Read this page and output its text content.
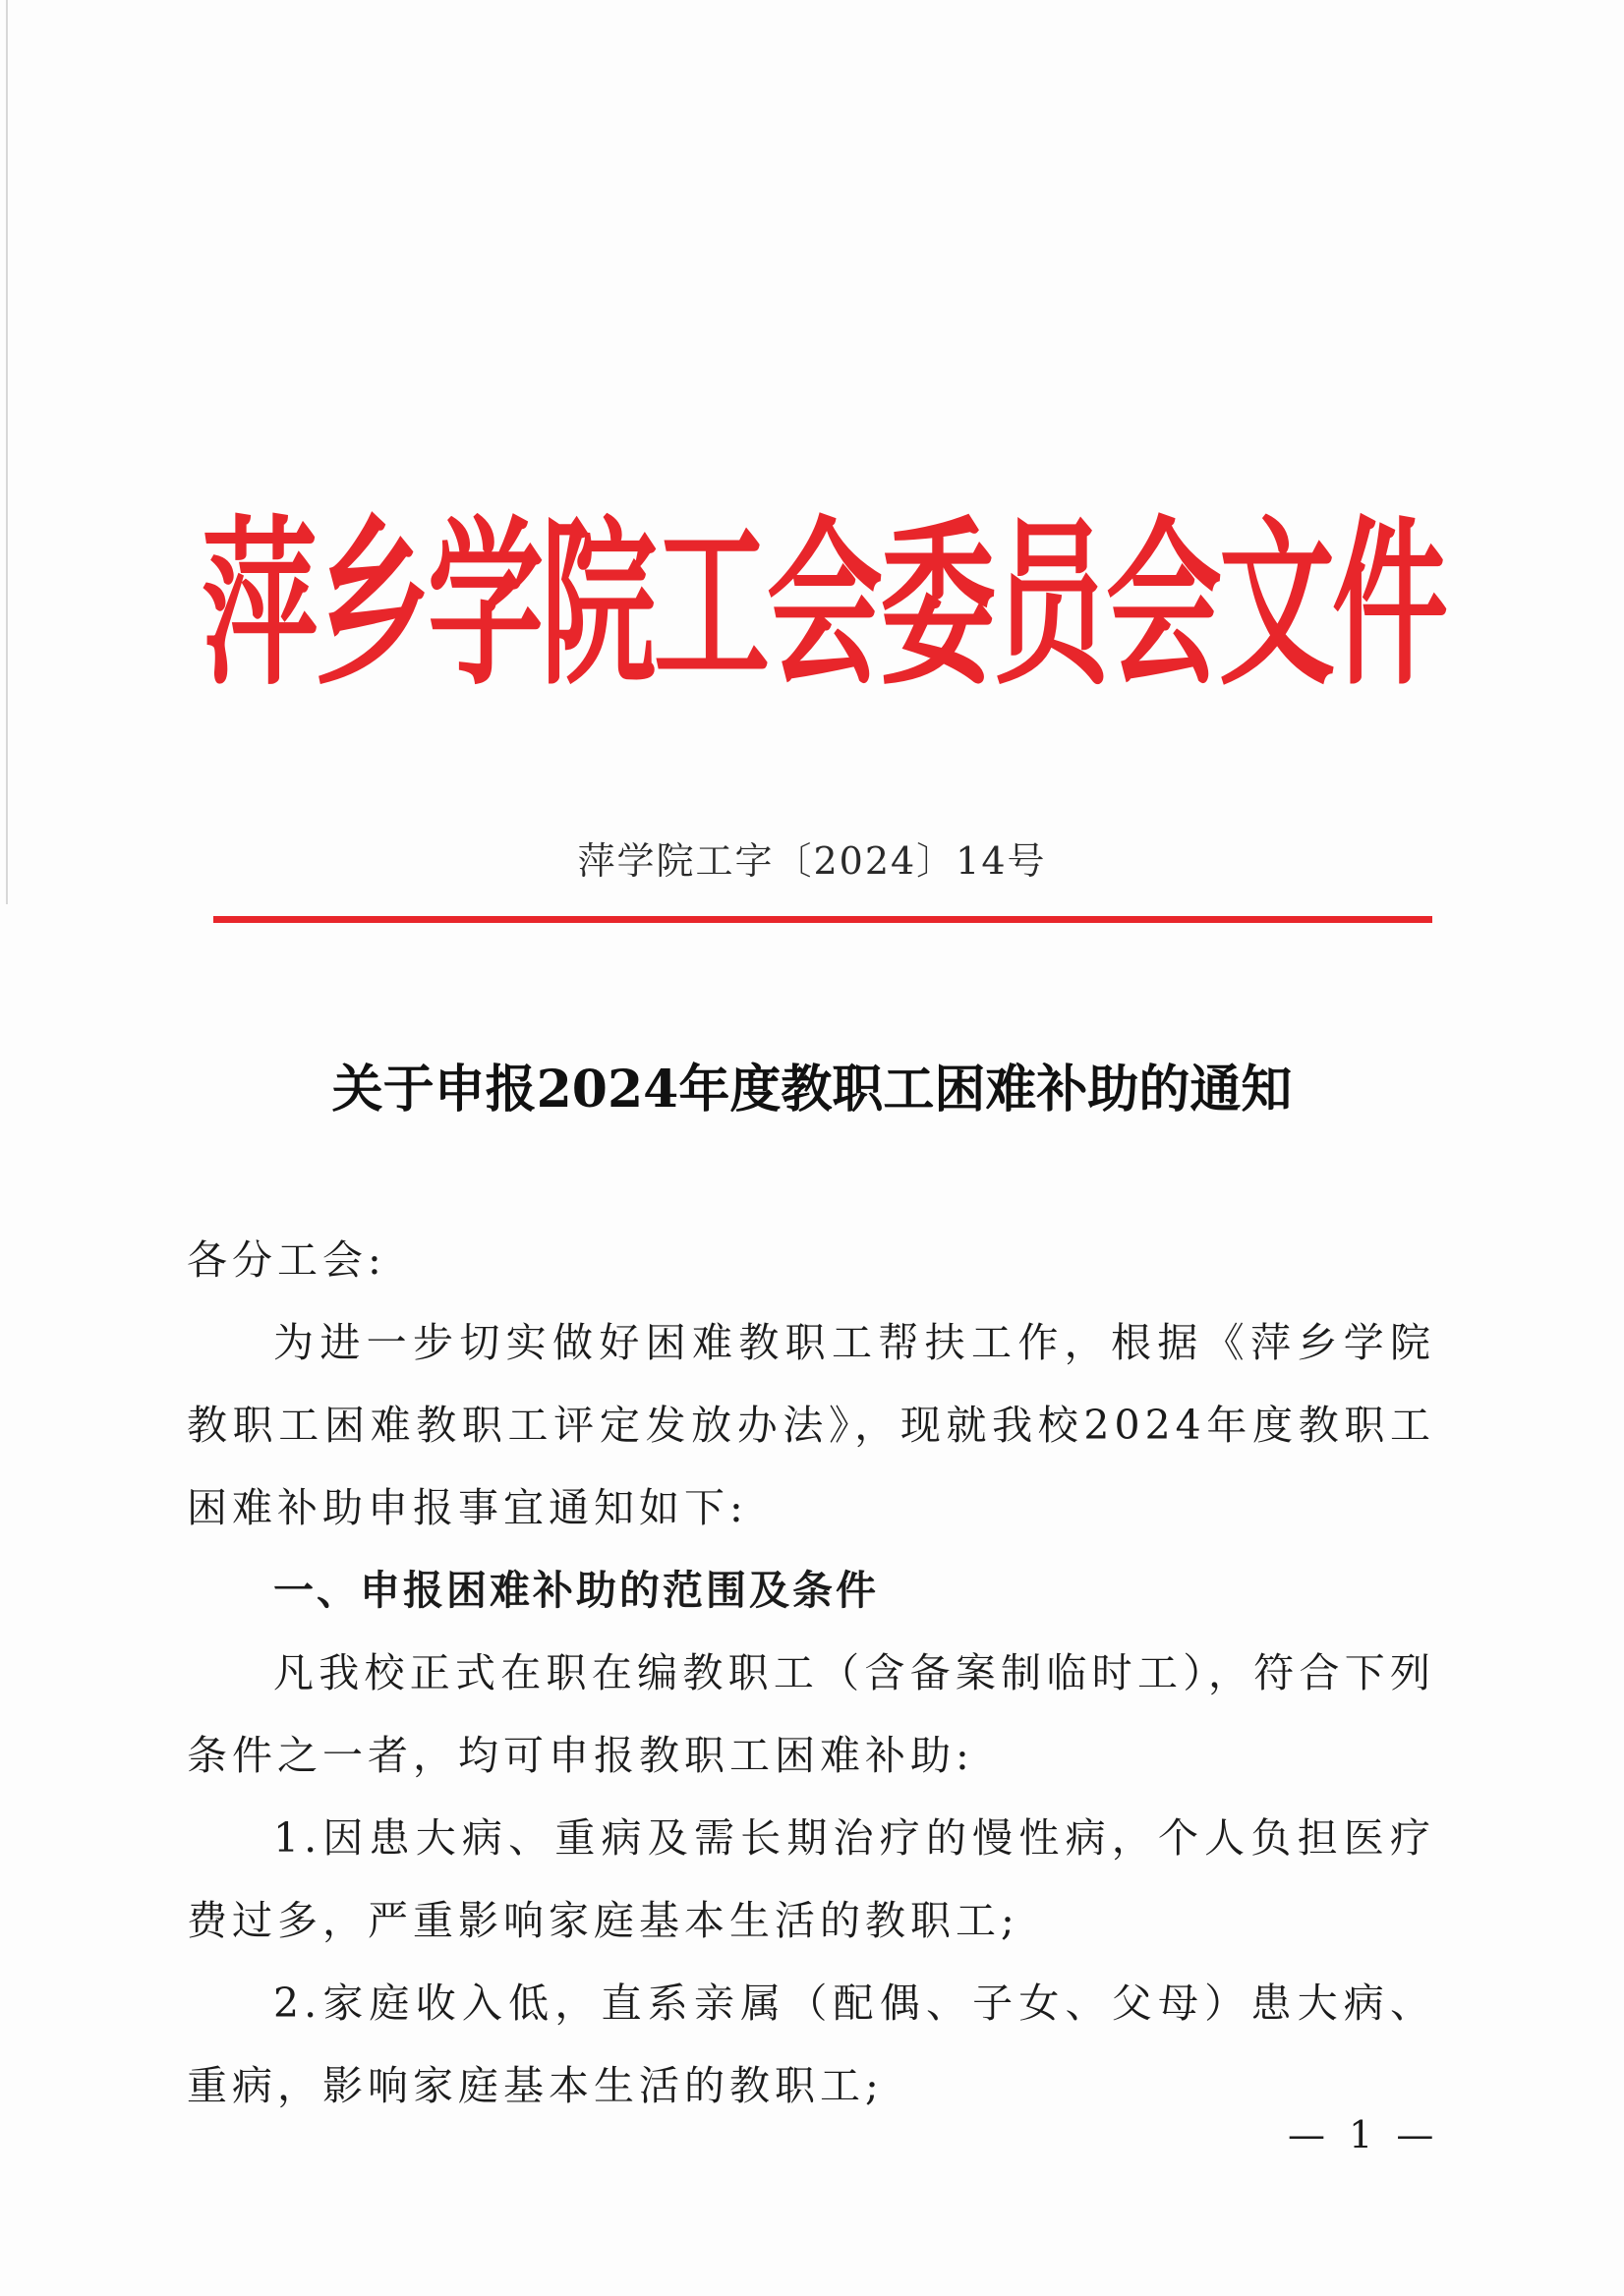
萍乡学院工会委员会文件
萍学院工字〔2024〕14号
关于申报2024年度教职工困难补助的通知

各分工会:

为进一步切实做好困难教职工帮扶工作，根据《萍乡学院教职工困难教职工评定发放办法》，现就我校2024年度教职工困难补助申报事宜通知如下:

一、申报困难补助的范围及条件

凡我校正式在职在编教职工（含备案制临时工），符合下列条件之一者，均可申报教职工困难补助:

1.因患大病、重病及需长期治疗的慢性病，个人负担医疗费过多，严重影响家庭基本生活的教职工;

2.家庭收入低，直系亲属（配偶、子女、父母）患大病、重病，影响家庭基本生活的教职工;

— 1 —
